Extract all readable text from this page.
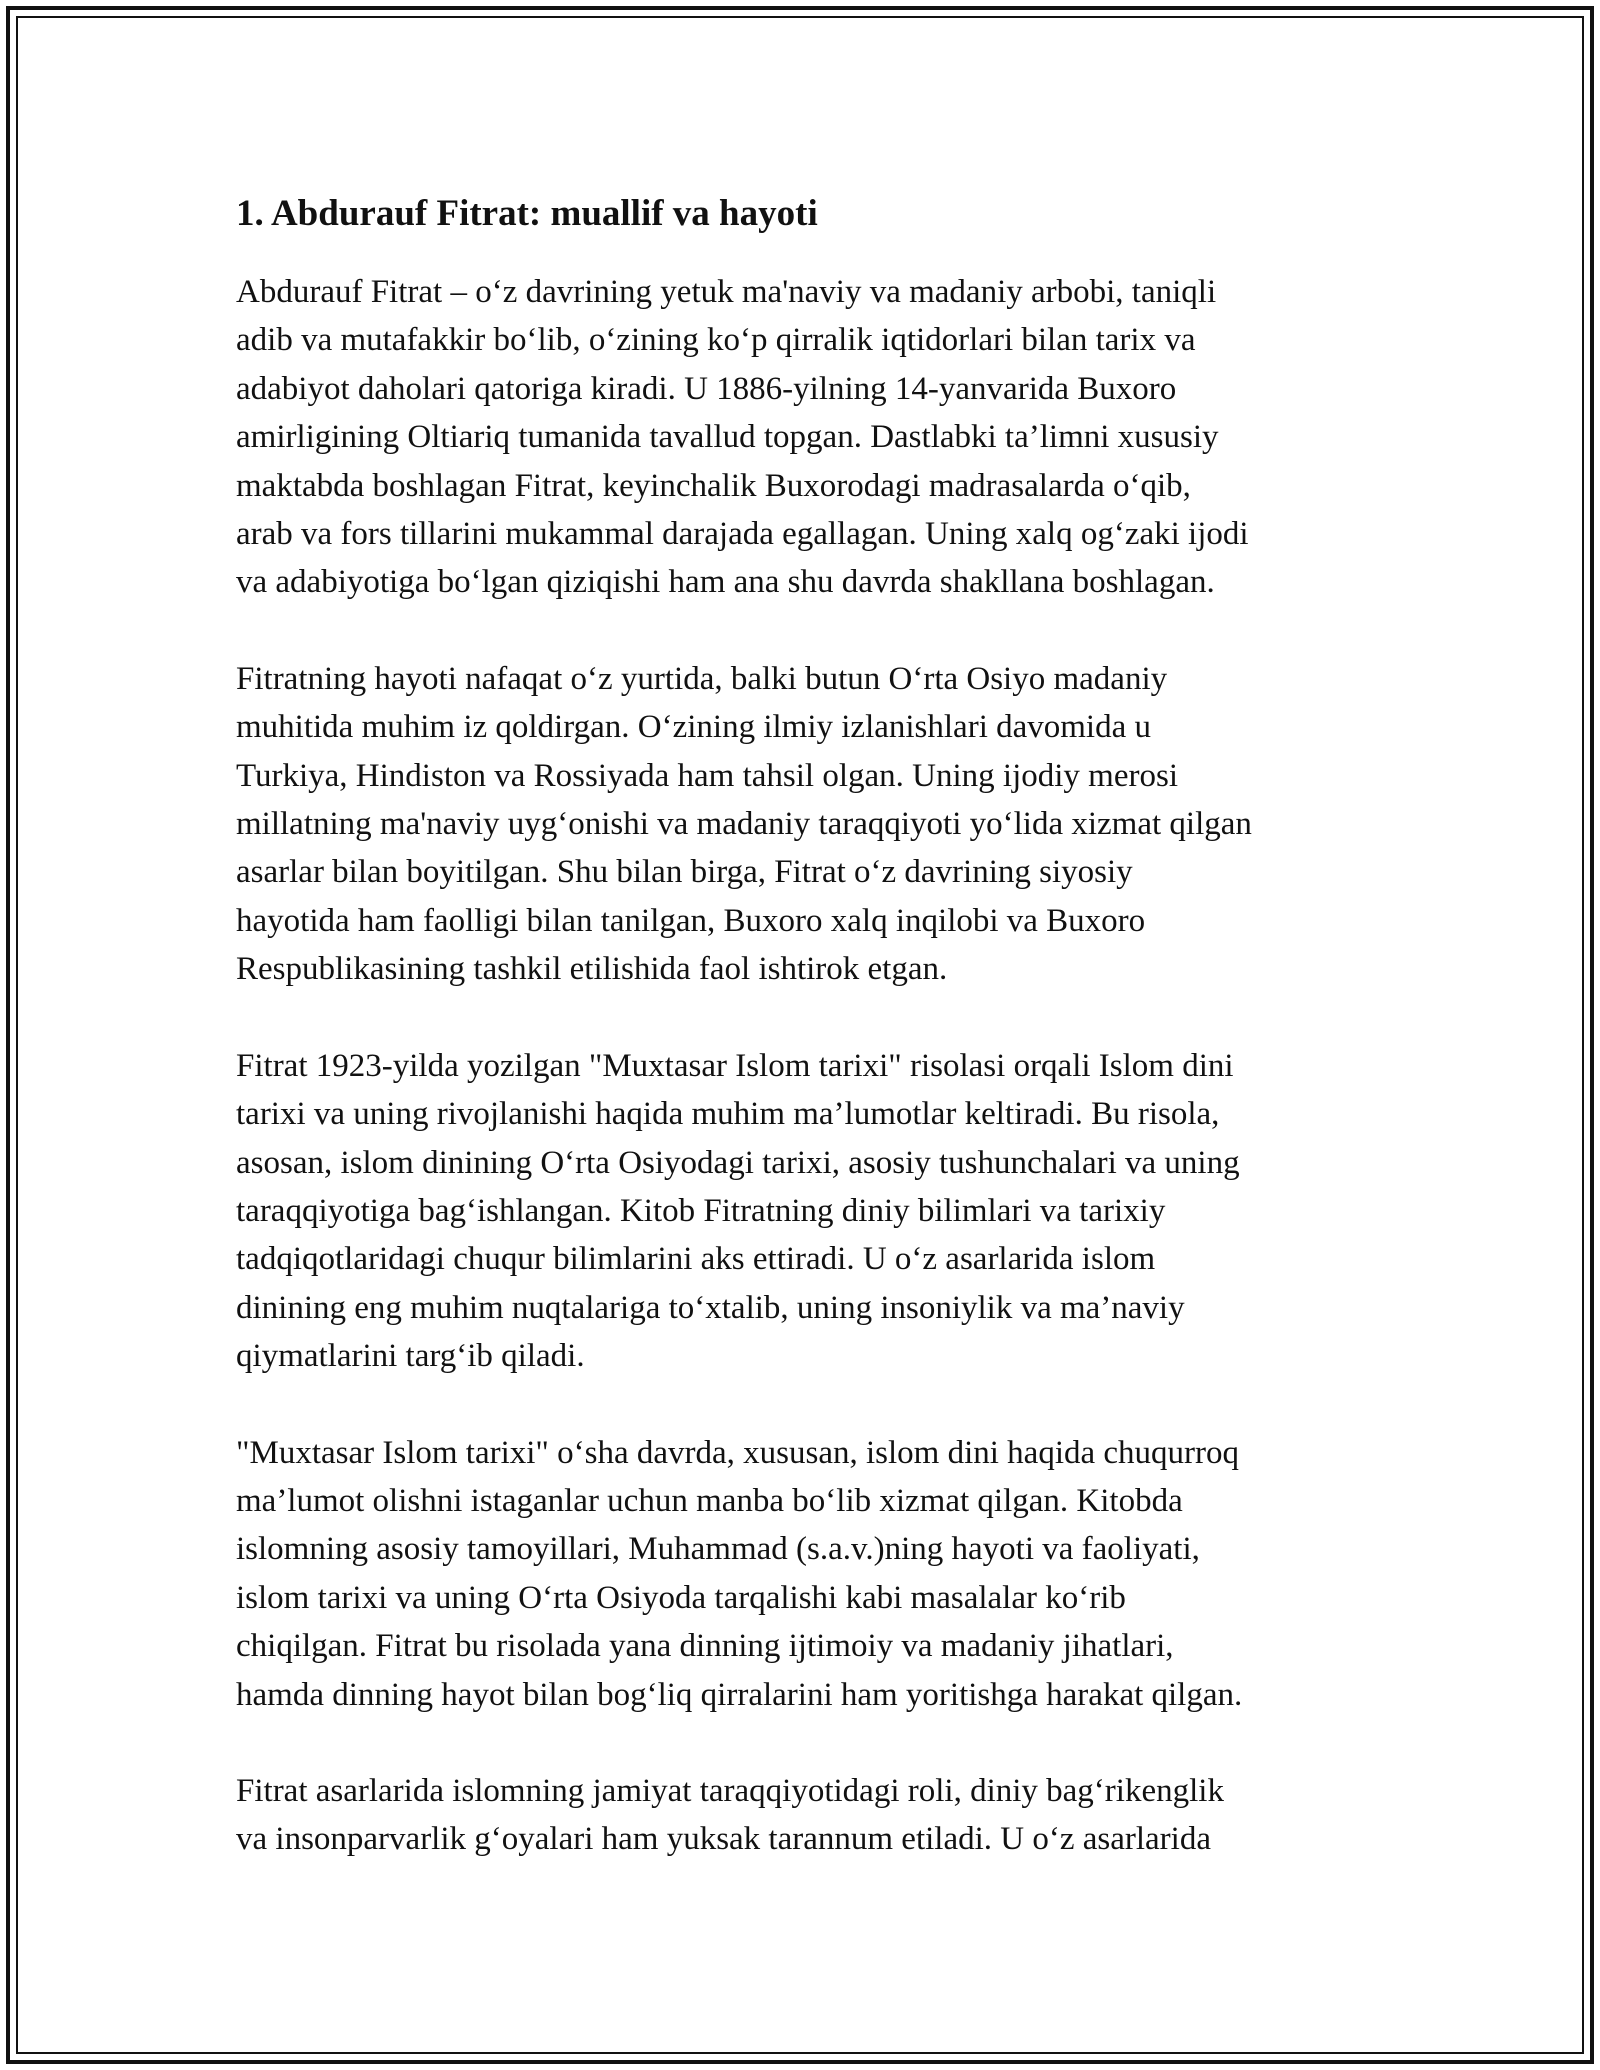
1. Abdurauf Fitrat: muallif va hayoti

Abdurauf Fitrat – o‘z davrining yetuk ma'naviy va madaniy arbobi, taniqli
adib va mutafakkir bo‘lib, o‘zining ko‘p qirralik iqtidorlari bilan tarix va
adabiyot daholari qatoriga kiradi. U 1886-yilning 14-yanvarida Buxoro
amirligining Oltiariq tumanida tavallud topgan. Dastlabki ta’limni xususiy
maktabda boshlagan Fitrat, keyinchalik Buxorodagi madrasalarda o‘qib,
arab va fors tillarini mukammal darajada egallagan. Uning xalq og‘zaki ijodi
va adabiyotiga bo‘lgan qiziqishi ham ana shu davrda shakllana boshlagan.

Fitratning hayoti nafaqat o‘z yurtida, balki butun O‘rta Osiyo madaniy
muhitida muhim iz qoldirgan. O‘zining ilmiy izlanishlari davomida u
Turkiya, Hindiston va Rossiyada ham tahsil olgan. Uning ijodiy merosi
millatning ma'naviy uyg‘onishi va madaniy taraqqiyoti yo‘lida xizmat qilgan
asarlar bilan boyitilgan. Shu bilan birga, Fitrat o‘z davrining siyosiy
hayotida ham faolligi bilan tanilgan, Buxoro xalq inqilobi va Buxoro
Respublikasining tashkil etilishida faol ishtirok etgan.

Fitrat 1923-yilda yozilgan "Muxtasar Islom tarixi" risolasi orqali Islom dini
tarixi va uning rivojlanishi haqida muhim ma’lumotlar keltiradi. Bu risola,
asosan, islom dinining O‘rta Osiyodagi tarixi, asosiy tushunchalari va uning
taraqqiyotiga bag‘ishlangan. Kitob Fitratning diniy bilimlari va tarixiy
tadqiqotlaridagi chuqur bilimlarini aks ettiradi. U o‘z asarlarida islom
dinining eng muhim nuqtalariga to‘xtalib, uning insoniylik va ma’naviy
qiymatlarini targ‘ib qiladi.

"Muxtasar Islom tarixi" o‘sha davrda, xususan, islom dini haqida chuqurroq
ma’lumot olishni istaganlar uchun manba bo‘lib xizmat qilgan. Kitobda
islomning asosiy tamoyillari, Muhammad (s.a.v.)ning hayoti va faoliyati,
islom tarixi va uning O‘rta Osiyoda tarqalishi kabi masalalar ko‘rib
chiqilgan. Fitrat bu risolada yana dinning ijtimoiy va madaniy jihatlari,
hamda dinning hayot bilan bog‘liq qirralarini ham yoritishga harakat qilgan.

Fitrat asarlarida islomning jamiyat taraqqiyotidagi roli, diniy bag‘rikenglik
va insonparvarlik g‘oyalari ham yuksak tarannum etiladi. U o‘z asarlarida
